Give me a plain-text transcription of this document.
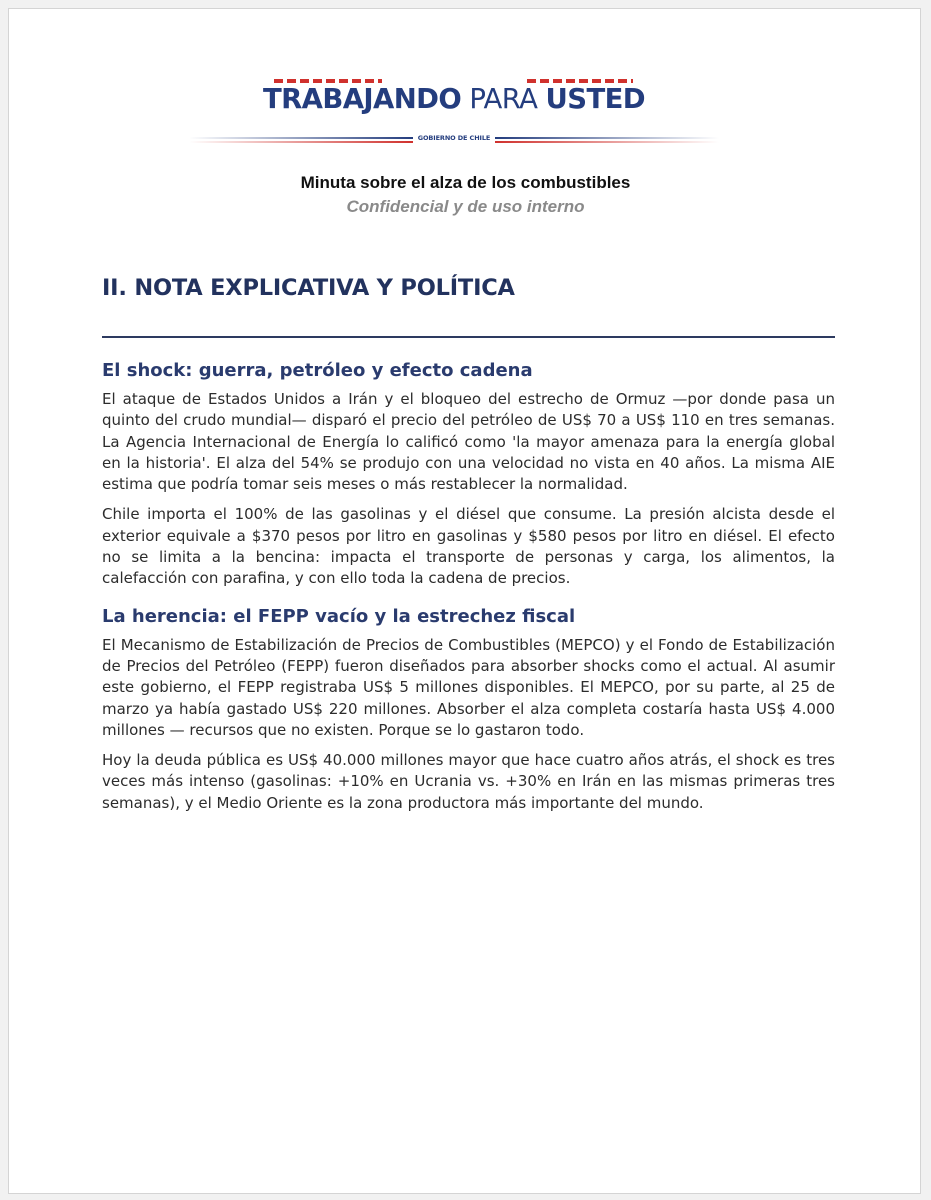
TRABAJANDO PARA USTED
GOBIERNO DE CHILE
Minuta sobre el alza de los combustibles
Confidencial y de uso interno
II. NOTA EXPLICATIVA Y POLÍTICA
El shock: guerra, petróleo y efecto cadena

El ataque de Estados Unidos a Irán y el bloqueo del estrecho de Ormuz —por donde pasa un quinto del crudo mundial— disparó el precio del petróleo de US$ 70 a US$ 110 en tres semanas. La Agencia Internacional de Energía lo calificó como 'la mayor amenaza para la energía global en la historia'. El alza del 54% se produjo con una velocidad no vista en 40 años. La misma AIE estima que podría tomar seis meses o más restablecer la normalidad.

Chile importa el 100% de las gasolinas y el diésel que consume. La presión alcista desde el exterior equivale a $370 pesos por litro en gasolinas y $580 pesos por litro en diésel. El efecto no se limita a la bencina: impacta el transporte de personas y carga, los alimentos, la calefacción con parafina, y con ello toda la cadena de precios.

La herencia: el FEPP vacío y la estrechez fiscal

El Mecanismo de Estabilización de Precios de Combustibles (MEPCO) y el Fondo de Estabilización de Precios del Petróleo (FEPP) fueron diseñados para absorber shocks como el actual. Al asumir este gobierno, el FEPP registraba US$ 5 millones disponibles. El MEPCO, por su parte, al 25 de marzo ya había gastado US$ 220 millones. Absorber el alza completa costaría hasta US$ 4.000 millones — recursos que no existen. Porque se lo gastaron todo.

Hoy la deuda pública es US$ 40.000 millones mayor que hace cuatro años atrás, el shock es tres veces más intenso (gasolinas: +10% en Ucrania vs. +30% en Irán en las mismas primeras tres semanas), y el Medio Oriente es la zona productora más importante del mundo.
